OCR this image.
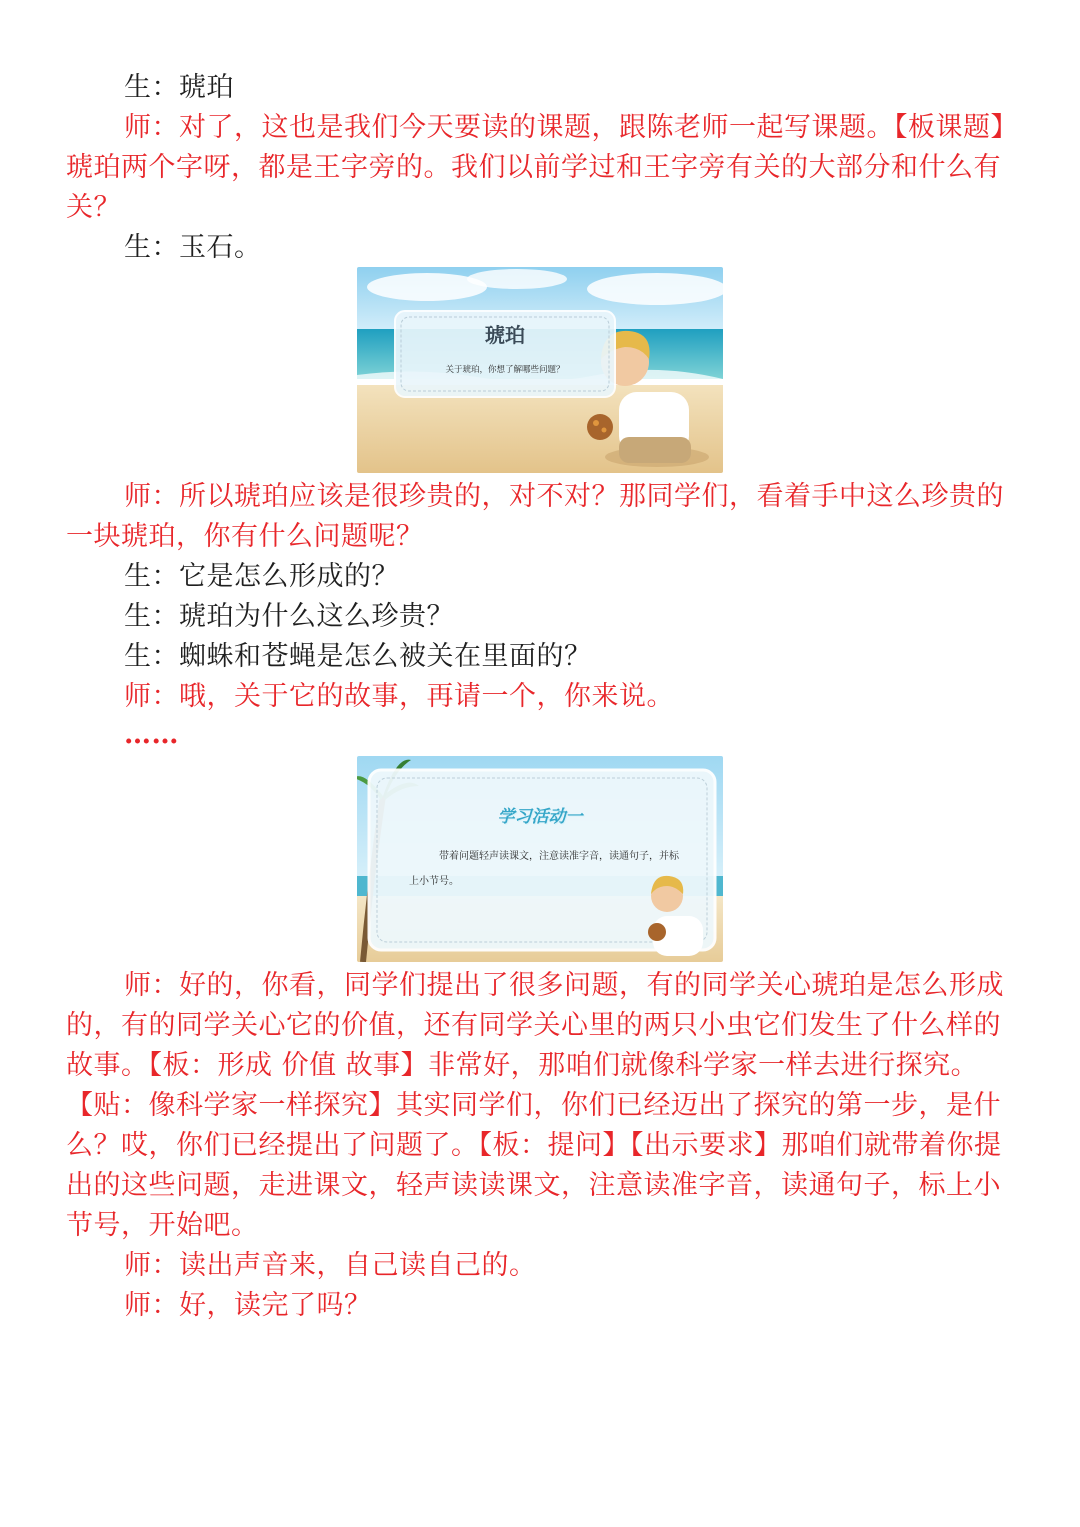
生：琥珀

师：对了，这也是我们今天要读的课题，跟陈老师一起写课题。【板课题】琥珀两个字呀，都是王字旁的。我们以前学过和王字旁有关的大部分和什么有关？

生：玉石。

琥珀
关于琥珀，你想了解哪些问题？

师：所以琥珀应该是很珍贵的，对不对？那同学们，看着手中这么珍贵的一块琥珀，你有什么问题呢？

生：它是怎么形成的？

生：琥珀为什么这么珍贵？

生：蜘蛛和苍蝇是怎么被关在里面的？

师：哦，关于它的故事，再请一个，你来说。

……

学习活动一
带着问题轻声读课文，注意读准字音，读通句子，并标上小节号。

师：好的，你看，同学们提出了很多问题，有的同学关心琥珀是怎么形成的，有的同学关心它的价值，还有同学关心里的两只小虫它们发生了什么样的故事。【板：形成 价值 故事】非常好，那咱们就像科学家一样去进行探究。【贴：像科学家一样探究】其实同学们，你们已经迈出了探究的第一步，是什么？哎，你们已经提出了问题了。【板：提问】【出示要求】那咱们就带着你提出的这些问题，走进课文，轻声读读课文，注意读准字音，读通句子，标上小节号，开始吧。

师：读出声音来，自己读自己的。

师：好，读完了吗？
